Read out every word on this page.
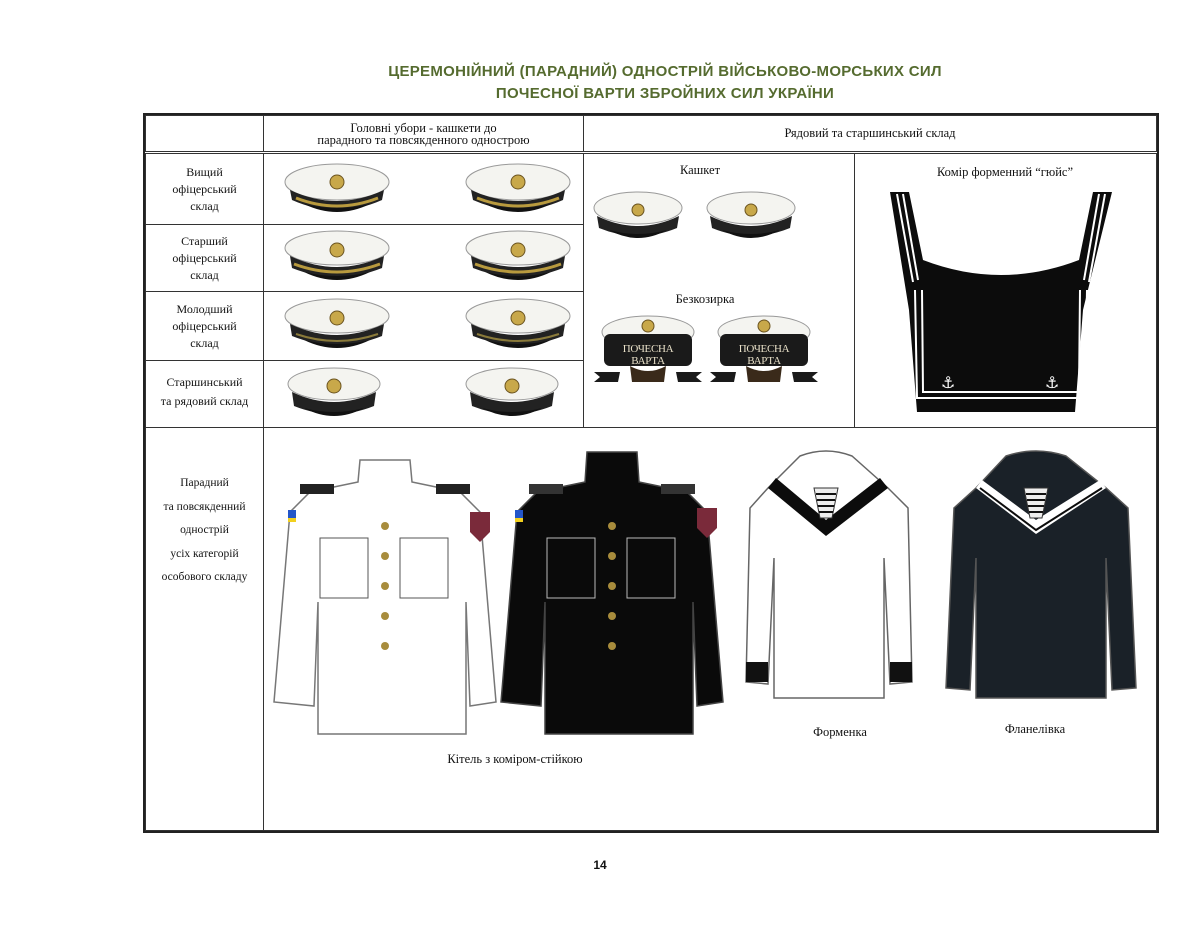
ЦЕРЕМОНІЙНИЙ (ПАРАДНИЙ) ОДНОСТРІЙ ВІЙСЬКОВО-МОРСЬКИХ СИЛ
ПОЧЕСНОЇ ВАРТИ ЗБРОЙНИХ СИЛ УКРАЇНИ
Головні убори - кашкети до
парадного та повсякденного однострою	Рядовий та старшинський склад
Вищий
офіцерський
склад
Старший
офіцерський
склад
Молодший
офіцерський
склад
Старшинський
та рядовий склад
Парадний
та повсякденний
однострій
усіх категорій
особового складу
Кашкет
Безкозирка
ПОЧЕСНА ВАРТА
ПОЧЕСНА ВАРТА
Комір форменний “гюйс”
⚓	⚓
Форменка	Фланелівка
Кітель з коміром-стійкою
14
